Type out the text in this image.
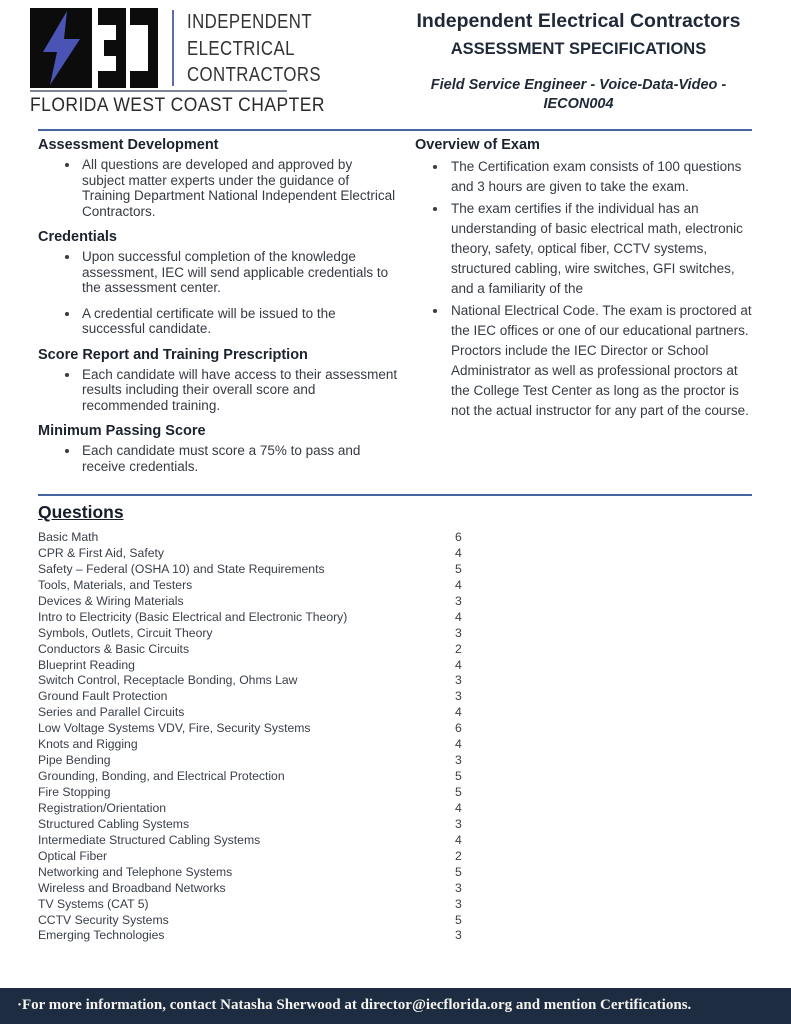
INDEPENDENT
ELECTRICAL
CONTRACTORS
FLORIDA WEST COAST CHAPTER
Independent Electrical Contractors
ASSESSMENT SPECIFICATIONS
Field Service Engineer - Voice-Data-Video - IECON004
Assessment Development
All questions are developed and approved by subject matter experts under the guidance of Training Department National Independent Electrical Contractors.
Credentials
Upon successful completion of the knowledge assessment, IEC will send applicable credentials to the assessment center.
A credential certificate will be issued to the successful candidate.
Score Report and Training Prescription
Each candidate will have access to their assessment results including their overall score and recommended training.
Minimum Passing Score
Each candidate must score a 75% to pass and receive credentials.
Overview of Exam
The Certification exam consists of 100 questions and 3 hours are given to take the exam.
The exam certifies if the individual has an understanding of basic electrical math, electronic theory, safety, optical fiber, CCTV systems, structured cabling, wire switches, GFI switches, and a familiarity of the
National Electrical Code. The exam is proctored at the IEC offices or one of our educational partners. Proctors include the IEC Director or School Administrator as well as professional proctors at the College Test Center as long as the proctor is not the actual instructor for any part of the course.
Questions
Basic Math	6
CPR & First Aid, Safety	4
Safety – Federal (OSHA 10) and State Requirements	5
Tools, Materials, and Testers	4
Devices & Wiring Materials	3
Intro to Electricity (Basic Electrical and Electronic Theory)	4
Symbols, Outlets, Circuit Theory	3
Conductors & Basic Circuits	2
Blueprint Reading	4
Switch Control, Receptacle Bonding, Ohms Law	3
Ground Fault Protection	3
Series and Parallel Circuits	4
Low Voltage Systems VDV, Fire, Security Systems	6
Knots and Rigging	4
Pipe Bending	3
Grounding, Bonding, and Electrical Protection	5
Fire Stopping	5
Registration/Orientation	4
Structured Cabling Systems	3
Intermediate Structured Cabling Systems	4
Optical Fiber	2
Networking and Telephone Systems	5
Wireless and Broadband Networks	3
TV Systems (CAT 5)	3
CCTV Security Systems	5
Emerging Technologies	3
·For more information, contact Natasha Sherwood at director@iecflorida.org and mention Certifications.
